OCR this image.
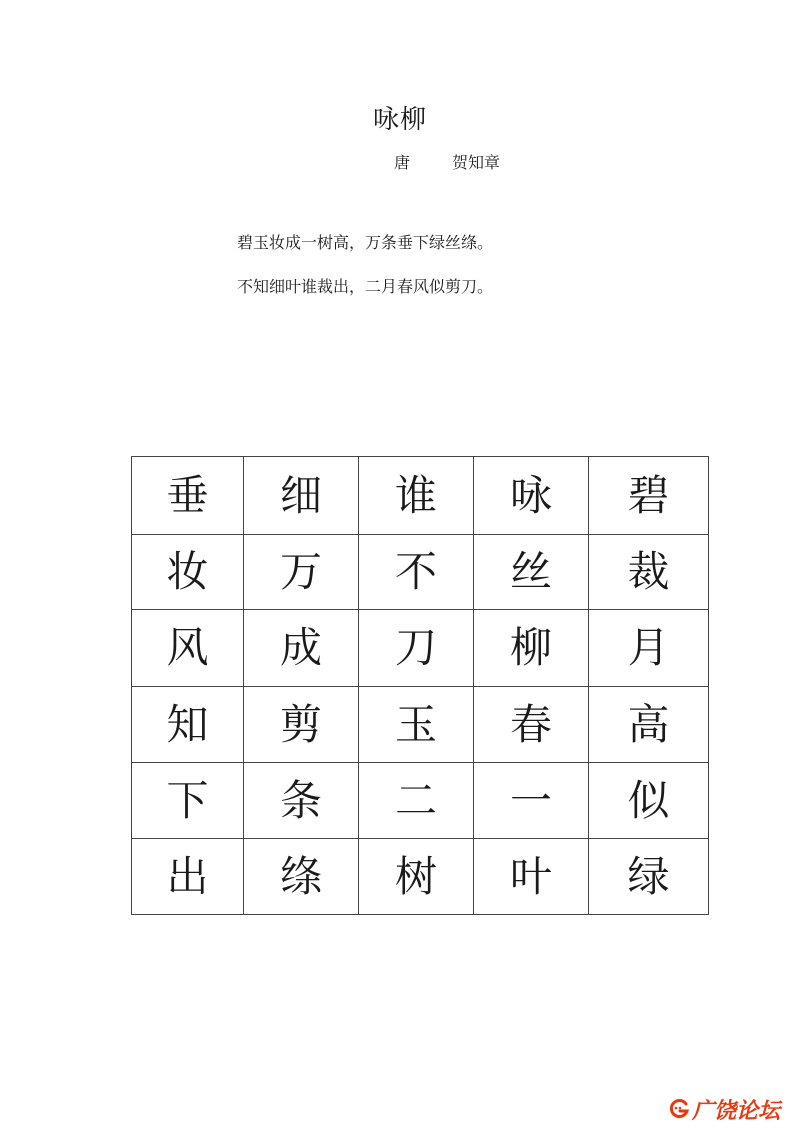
咏柳
唐	贺知章
碧玉妆成一树高，万条垂下绿丝绦。
不知细叶谁裁出，二月春风似剪刀。
垂	细	谁	咏	碧
妆	万	不	丝	裁
风	成	刀	柳	月
知	剪	玉	春	高
下	条	二	一	似
出	绦	树	叶	绿
广饶论坛
